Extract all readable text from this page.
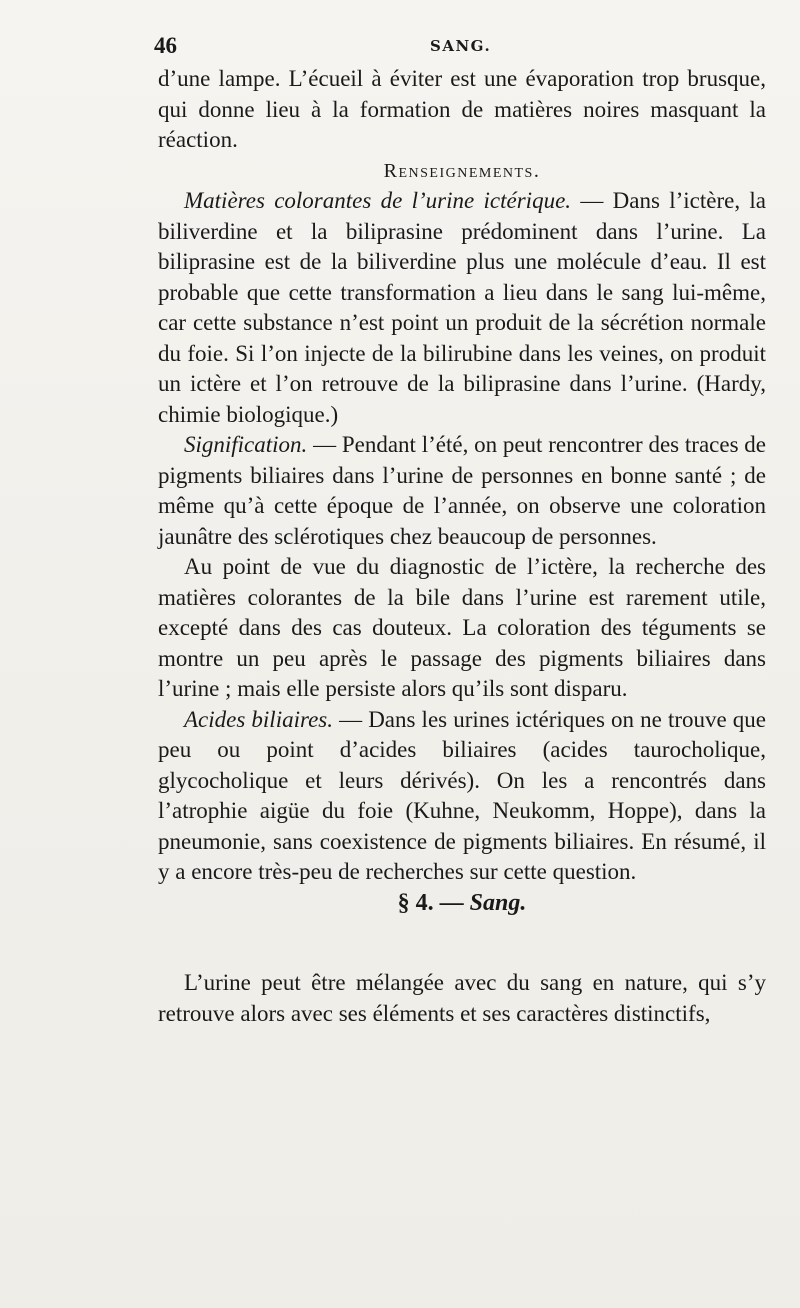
46	SANG.

d’une lampe. L’écueil à éviter est une évaporation trop brusque, qui donne lieu à la formation de matières noires masquant la réaction.

Renseignements.

Matières colorantes de l’urine ictérique. — Dans l’ictère, la biliverdine et la biliprasine prédominent dans l’urine. La biliprasine est de la biliverdine plus une molécule d’eau. Il est probable que cette transformation a lieu dans le sang lui-même, car cette substance n’est point un produit de la sécrétion normale du foie. Si l’on injecte de la bilirubine dans les veines, on produit un ictère et l’on retrouve de la biliprasine dans l’urine. (Hardy, chimie biologique.)

Signification. — Pendant l’été, on peut rencontrer des traces de pigments biliaires dans l’urine de personnes en bonne santé ; de même qu’à cette époque de l’année, on observe une coloration jaunâtre des sclérotiques chez beaucoup de personnes.

Au point de vue du diagnostic de l’ictère, la recherche des matières colorantes de la bile dans l’urine est rarement utile, excepté dans des cas douteux. La coloration des téguments se montre un peu après le passage des pigments biliaires dans l’urine ; mais elle persiste alors qu’ils sont disparu.

Acides biliaires. — Dans les urines ictériques on ne trouve que peu ou point d’acides biliaires (acides taurocholique, glycocholique et leurs dérivés). On les a rencontrés dans l’atrophie aigüe du foie (Kuhne, Neukomm, Hoppe), dans la pneumonie, sans coexistence de pigments biliaires. En résumé, il y a encore très-peu de recherches sur cette question.

§ 4. — Sang.

L’urine peut être mélangée avec du sang en nature, qui s’y retrouve alors avec ses éléments et ses caractères distinctifs,
